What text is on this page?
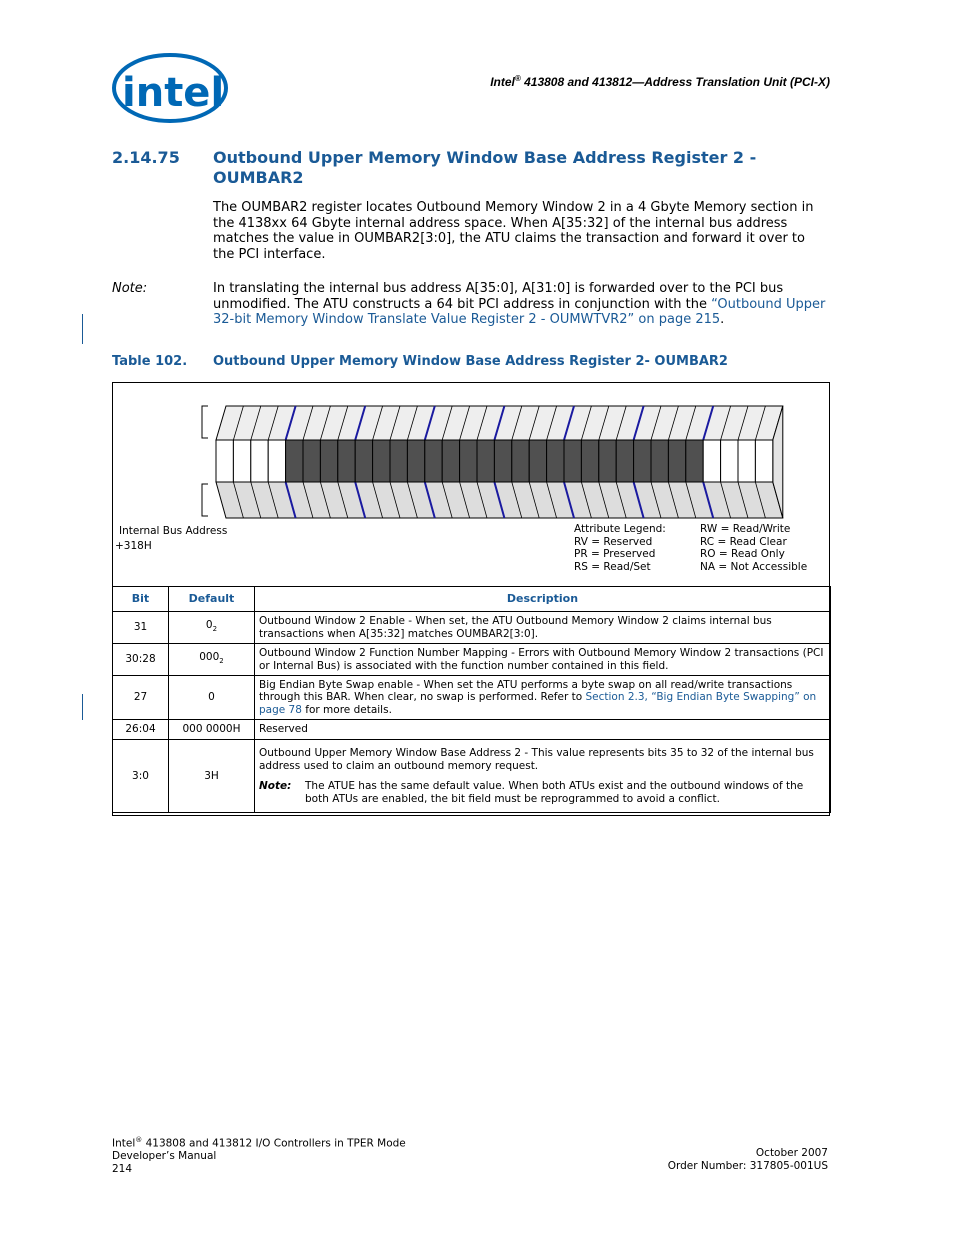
intel	Intel® 413808 and 413812—Address Translation Unit (PCI-X)
2.14.75 Outbound Upper Memory Window Base Address Register 2 - OUMBAR2
The OUMBAR2 register locates Outbound Memory Window 2 in a 4 Gbyte Memory section in the 4138xx 64 Gbyte internal address space. When A[35:32] of the internal bus address matches the value in OUMBAR2[3:0], the ATU claims the transaction and forward it over to the PCI interface.
Note:	In translating the internal bus address A[35:0], A[31:0] is forwarded over to the PCI bus unmodified. The ATU constructs a 64 bit PCI address in conjunction with the “Outbound Upper 32-bit Memory Window Translate Value Register 2 - OUMWTVR2” on page 215.
Table 102. Outbound Upper Memory Window Base Address Register 2- OUMBAR2
Internal Bus Address
+318H
Attribute Legend:	RW = Read/Write
RV = Reserved	RC = Read Clear
PR = Preserved	RO = Read Only
RS = Read/Set	NA = Not Accessible
Bit	Default	Description
31	$0_2$	Outbound Window 2 Enable - When set, the ATU Outbound Memory Window 2 claims internal bus transactions when A[35:32] matches OUMBAR2[3:0].
30:28	$000_2$	Outbound Window 2 Function Number Mapping - Errors with Outbound Memory Window 2 transactions (PCI or Internal Bus) is associated with the function number contained in this field.
27	0	Big Endian Byte Swap enable - When set the ATU performs a byte swap on all read/write transactions through this BAR. When clear, no swap is performed. Refer to Section 2.3, “Big Endian Byte Swapping” on page 78 for more details.
26:04	000 0000H	Reserved
3:0	3H	Outbound Upper Memory Window Base Address 2 - This value represents bits 35 to 32 of the internal bus address used to claim an outbound memory request.
Note: The ATUE has the same default value. When both ATUs exist and the outbound windows of the both ATUs are enabled, the bit field must be reprogrammed to avoid a conflict.
Intel® 413808 and 413812 I/O Controllers in TPER Mode
Developer’s Manual
214
October 2007
Order Number: 317805-001US
